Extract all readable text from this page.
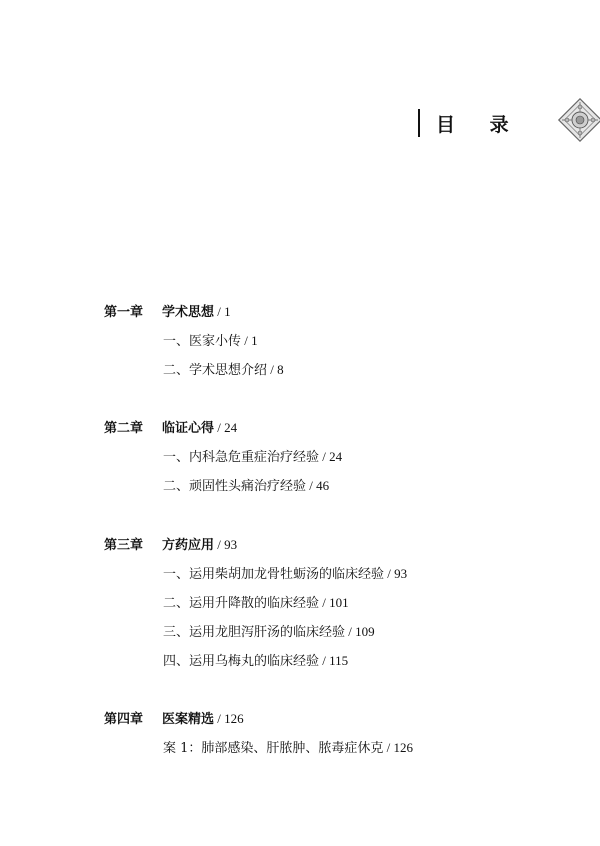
目 录
第一章 学术思想 / 1
一、医家小传 / 1
二、学术思想介绍 / 8
第二章 临证心得 / 24
一、内科急危重症治疗经验 / 24
二、顽固性头痛治疗经验 / 46
第三章 方药应用 / 93
一、运用柴胡加龙骨牡蛎汤的临床经验 / 93
二、运用升降散的临床经验 / 101
三、运用龙胆泻肝汤的临床经验 / 109
四、运用乌梅丸的临床经验 / 115
第四章 医案精选 / 126
案 1：肺部感染、肝脓肿、脓毒症休克 / 126
